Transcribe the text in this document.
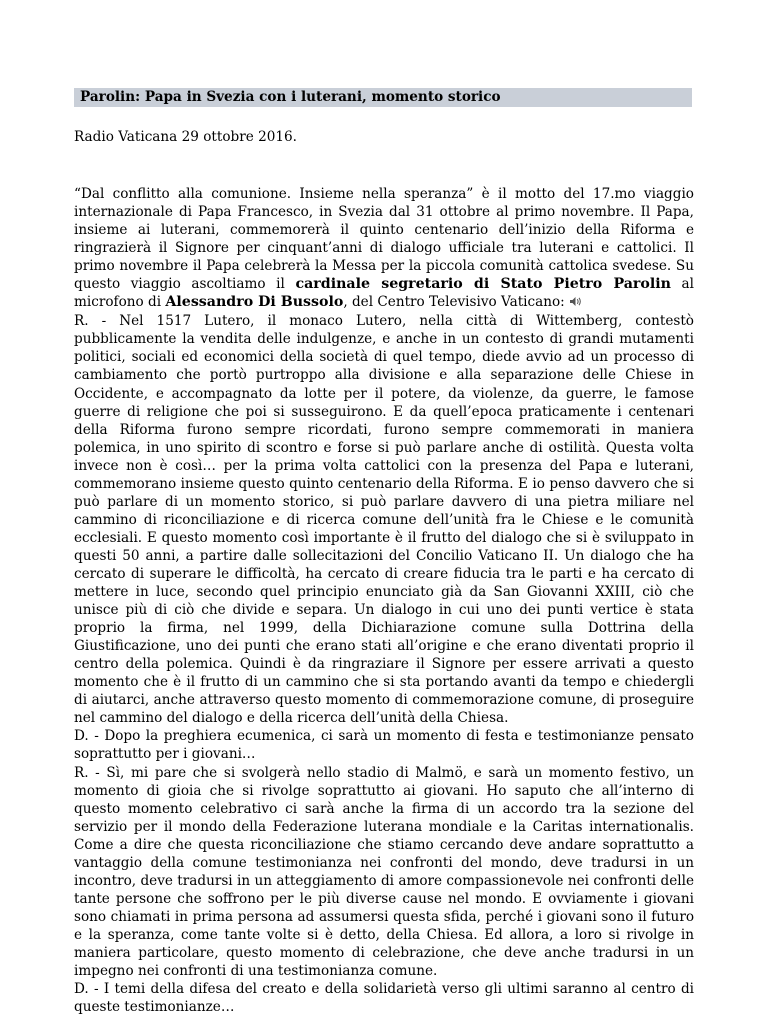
Parolin: Papa in Svezia con i luterani, momento storico
Radio Vaticana 29 ottobre 2016.

“Dal conflitto alla comunione. Insieme nella speranza” è il motto del 17.mo viaggio internazionale di Papa Francesco, in Svezia dal 31 ottobre al primo novembre. Il Papa, insieme ai luterani, commemorerà il quinto centenario dell’inizio della Riforma e ringrazierà il Signore per cinquant’anni di dialogo ufficiale tra luterani e cattolici. Il primo novembre il Papa celebrerà la Messa per la piccola comunità cattolica svedese. Su questo viaggio ascoltiamo il cardinale segretario di Stato Pietro Parolin al microfono di Alessandro Di Bussolo, del Centro Televisivo Vaticano:

R. - Nel 1517 Lutero, il monaco Lutero, nella città di Wittemberg, contestò pubblicamente la vendita delle indulgenze, e anche in un contesto di grandi mutamenti politici, sociali ed economici della società di quel tempo, diede avvio ad un processo di cambiamento che portò purtroppo alla divisione e alla separazione delle Chiese in Occidente, e accompagnato da lotte per il potere, da violenze, da guerre, le famose guerre di religione che poi si susseguirono. E da quell’epoca praticamente i centenari della Riforma furono sempre ricordati, furono sempre commemorati in maniera polemica, in uno spirito di scontro e forse si può parlare anche di ostilità. Questa volta invece non è così… per la prima volta cattolici con la presenza del Papa e luterani, commemorano insieme questo quinto centenario della Riforma. E io penso davvero che si può parlare di un momento storico, si può parlare davvero di una pietra miliare nel cammino di riconciliazione e di ricerca comune dell’unità fra le Chiese e le comunità ecclesiali. E questo momento così importante è il frutto del dialogo che si è sviluppato in questi 50 anni, a partire dalle sollecitazioni del Concilio Vaticano II. Un dialogo che ha cercato di superare le difficoltà, ha cercato di creare fiducia tra le parti e ha cercato di mettere in luce, secondo quel principio enunciato già da San Giovanni XXIII, ciò che unisce più di ciò che divide e separa. Un dialogo in cui uno dei punti vertice è stata proprio la firma, nel 1999, della Dichiarazione comune sulla Dottrina della Giustificazione, uno dei punti che erano stati all’origine e che erano diventati proprio il centro della polemica. Quindi è da ringraziare il Signore per essere arrivati a questo momento che è il frutto di un cammino che si sta portando avanti da tempo e chiedergli di aiutarci, anche attraverso questo momento di commemorazione comune, di proseguire nel cammino del dialogo e della ricerca dell’unità della Chiesa.

D. - Dopo la preghiera ecumenica, ci sarà un momento di festa e testimonianze pensato soprattutto per i giovani…

R. - Sì, mi pare che si svolgerà nello stadio di Malmö, e sarà un momento festivo, un momento di gioia che si rivolge soprattutto ai giovani. Ho saputo che all’interno di questo momento celebrativo ci sarà anche la firma di un accordo tra la sezione del servizio per il mondo della Federazione luterana mondiale e la Caritas internationalis. Come a dire che questa riconciliazione che stiamo cercando deve andare soprattutto a vantaggio della comune testimonianza nei confronti del mondo, deve tradursi in un incontro, deve tradursi in un atteggiamento di amore compassionevole nei confronti delle tante persone che soffrono per le più diverse cause nel mondo. E ovviamente i giovani sono chiamati in prima persona ad assumersi questa sfida, perché i giovani sono il futuro e la speranza, come tante volte si è detto, della Chiesa. Ed allora, a loro si rivolge in maniera particolare, questo momento di celebrazione, che deve anche tradursi in un impegno nei confronti di una testimonianza comune.

D. - I temi della difesa del creato e della solidarietà verso gli ultimi saranno al centro di queste testimonianze…
